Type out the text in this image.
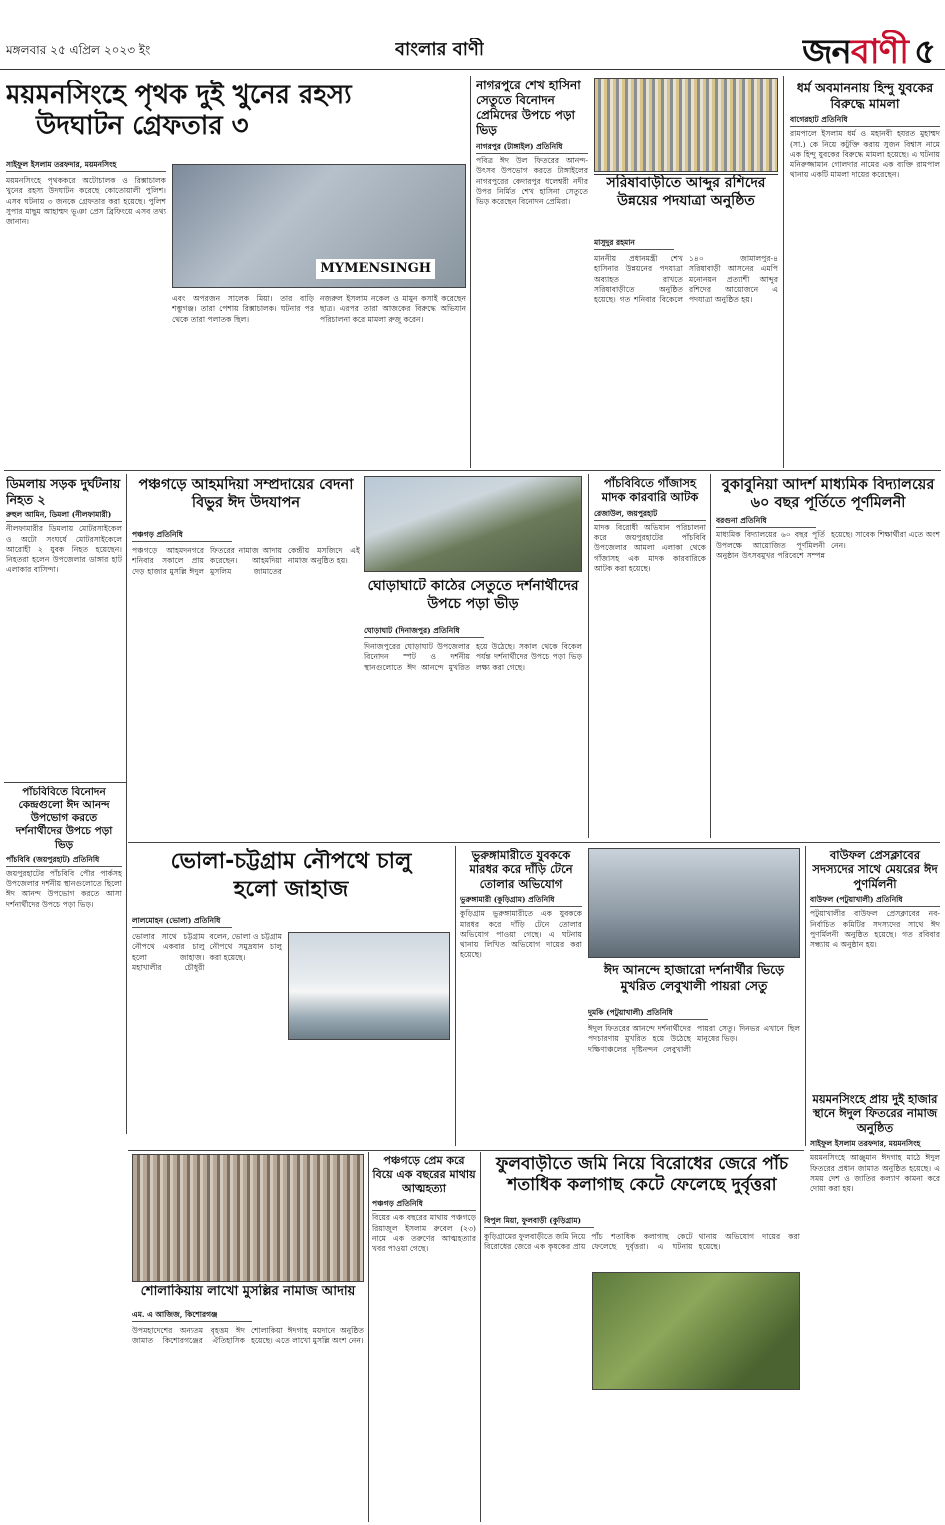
মঙ্গলবার ২৫ এপ্রিল ২০২৩ ইং	বাংলার বাণী	জনবাণী ৫
ময়মনসিংহে পৃথক দুই খুনের রহস্য
উদঘাটন গ্রেফতার ৩
সাইফুল ইসলাম তরফদার, ময়মনসিংহ
ময়মনসিংহে পৃথককরে অটোচালক ও রিক্সাচালক খুনের রহস্য উদঘাটন করেছে কোতোয়ালী পুলিশ। এসব ঘটনায় ৩ জনকে গ্রেফতার করা হয়েছে। পুলিশ সুপার মাছুম আহাম্মদ ভূঞা প্রেস ব্রিফিংয়ে এসব তথ্য জানান।
MYMENSINGH
এবং অপরজন সালেক মিয়া। তার বাড়ি শম্ভুগঞ্জ। তারা পেশায় রিক্সাচালক। ঘটনার পর থেকে তারা পলাতক ছিল।
নজরুল ইসলাম নকেল ও মামুন কসাই করেছেন ছাত্র। এরপর তারা আজকের বিরুদ্ধে অভিযান পরিচালনা করে মামলা রুজু করেন।
নাগরপুরে শেখ হাসিনা সেতুতে বিনোদন প্রেমিদের উপচে পড়া ভিড়
নাগরপুর (টাঙ্গাইল) প্রতিনিধি
পবিত্র ঈদ উল ফিতরের আনন্দ-উৎসব উপভোগ করতে টাঙ্গাইলের নাগরপুরের কেদারপুর ধলেশ্বরী নদীর উপর নির্মিত শেখ হাসিনা সেতুতে ভিড় করেছেন বিনোদন প্রেমিরা।
সরিষাবাড়ীতে আব্দুর রশিদের উন্নয়ের পদযাত্রা অনুষ্ঠিত
মাসুদুর রহমান
মাননীয় প্রধানমন্ত্রী শেখ হাসিনার উন্নয়নের পদযাত্রা অব্যাহত রাখতে সরিষাবাড়ীতে অনুষ্ঠিত হয়েছে। গত শনিবার বিকেলে ১৪০ জামালপুর-৪ সরিষাবাড়ী আসনের এমপি মনোনয়ন প্রত্যাশী আব্দুর রশিদের আয়োজনে এ পদযাত্রা অনুষ্ঠিত হয়।
ধর্ম অবমাননায় হিন্দু যুবকের বিরুদ্ধে মামলা
বাগেরহাট প্রতিনিধি
রামপালে ইসলাম ধর্ম ও মহানবী হযরত মুহাম্মদ (সা.) কে নিয়ে কটুক্তি করায় সুজন বিশ্বাস নামে এক হিন্দু যুবকের বিরুদ্ধে মামলা হয়েছে। এ ঘটনায় মনিরুজ্জামান গোলদার নামের এক ব্যক্তি রামপাল থানায় একটি মামলা দায়ের করেছেন।
ডিমলায় সড়ক দুর্ঘটনায় নিহত ২
রুহুল আমিন, ডিমলা (নীলফামারী)
নীলফামারীর ডিমলায় মোটরসাইকেল ও অটো সংঘর্ষে মোটরসাইকেলে আরোহী ২ যুবক নিহত হয়েছেন। নিহতরা হলেন উপজেলার ডাঙ্গার হাট এলাকার বাসিন্দা।
পঞ্চগড়ে আহমদিয়া সম্প্রদায়ের বেদনা বিভুর ঈদ উদযাপন
পঞ্চগড় প্রতিনিধি
পঞ্চগড়ে আহমদনগরে শনিবার সকালে প্রায় দেড় হাজার মুসল্লি ঈদুল ফিতরের নামাজ আদায় করেছেন। আহমদিয়া মুসলিম জামাতের কেন্দ্রীয় মসজিদে এই নামাজ অনুষ্ঠিত হয়।
ঘোড়াঘাটে কাঠের সেতুতে দর্শনার্থীদের উপচে পড়া ভীড়
ঘোড়াঘাট (দিনাজপুর) প্রতিনিধি
দিনাজপুরের ঘোড়াঘাট উপজেলার বিনোদন স্পট ও দর্শনীয় স্থানগুলোতে ঈদ আনন্দে মুখরিত হয়ে উঠেছে। সকাল থেকে বিকেল পর্যন্ত দর্শনার্থীদের উপচে পড়া ভিড় লক্ষ্য করা গেছে।
পাঁচবিবিতে গাঁজাসহ মাদক কারবারি আটক
রেজাউল, জয়পুরহাট
মাদক বিরোধী অভিযান পরিচালনা করে জয়পুরহাটের পাঁচবিবি উপজেলার আমলা এলাকা থেকে গাঁজাসহ এক মাদক কারবারিকে আটক করা হয়েছে।
বুকাবুনিয়া আদর্শ মাধ্যমিক বিদ্যালয়ের ৬০ বছর পূর্তিতে পূর্ণমিলনী
বরগুনা প্রতিনিধি
মাধ্যমিক বিদ্যালয়ের ৬০ বছর পূর্তি উপলক্ষে আয়োজিত পূর্ণমিলনী অনুষ্ঠান উৎসবমুখর পরিবেশে সম্পন্ন হয়েছে। সাবেক শিক্ষার্থীরা এতে অংশ নেন।
পাঁচবিবিতে বিনোদন কেন্দ্রগুলো ঈদ আনন্দ উপভোগ করতে দর্শনার্থীদের উপচে পড়া ভিড়
পাঁচবিবি (জয়পুরহাট) প্রতিনিধি
জয়পুরহাটের পাঁচবিবি পৌর পার্কসহ উপজেলার দর্শনীয় স্থানগুলোতে ছিলো ঈদ আনন্দ উপভোগ করতে আসা দর্শনার্থীদের উপচে পড়া ভিড়।
ভোলা-চট্টগ্রাম নৌপথে চালু
হলো জাহাজ
লালমোহন (ভোলা) প্রতিনিধি
ভোলার সাথে চট্টগ্রাম নৌপথে একবার চালু হলো জাহাজ। মহাখালীর চৌধুরী বলেন, ভোলা ও চট্টগ্রাম নৌপথে সমুদ্রযান চালু করা হয়েছে।
ভুরুঙ্গামারীতে যুবককে মারধর করে দাঁড়ি টেনে তোলার অভিযোগ
ভুরুঙ্গামারী (কুড়িগ্রাম) প্রতিনিধি
কুড়িগ্রাম ভুরুঙ্গামারীতে এক যুবককে মারধর করে দাঁড়ি টেনে তোলার অভিযোগ পাওয়া গেছে। এ ঘটনায় থানায় লিখিত অভিযোগ দায়ের করা হয়েছে।
ঈদ আনন্দে হাজারো দর্শনার্থীর ভিড়ে মুখরিত লেবুখালী পায়রা সেতু
দুমকি (পটুয়াখালী) প্রতিনিধি
ঈদুল ফিতরের আনন্দে দর্শনার্থীদের পদচারণায় মুখরিত হয়ে উঠেছে দক্ষিণাঞ্চলের দৃষ্টিনন্দন লেবুখালী পায়রা সেতু। দিনভর এখানে ছিল মানুষের ভিড়।
বাউফল প্রেসক্লাবের সদস্যদের সাথে মেয়রের ঈদ পুণর্মিলনী
বাউফল (পটুয়াখালী) প্রতিনিধি
পটুয়াখালীর বাউফল প্রেসক্লাবের নব-নির্বাচিত কমিটির সদস্যদের সাথে ঈদ পুণর্মিলনী অনুষ্ঠিত হয়েছে। গত রবিবার সন্ধ্যায় এ অনুষ্ঠান হয়।
ময়মনসিংহে প্রায় দুই হাজার স্থানে ঈদুল ফিতরের নামাজ অনুষ্ঠিত
সাইফুল ইসলাম তরফদার, ময়মনসিংহ
ময়মনসিংহে আঞ্জুমান ঈদগাহ মাঠে ঈদুল ফিতরের প্রধান জামাত অনুষ্ঠিত হয়েছে। এ সময় দেশ ও জাতির কল্যাণ কামনা করে দোয়া করা হয়।
শোলাকিয়ায় লাখো মুসল্লির নামাজ আদায়
এম. এ আজিজ, কিশোরগঞ্জ
উপমহাদেশের অন্যতম বৃহত্তম ঈদ জামাত কিশোরগঞ্জের ঐতিহাসিক শোলাকিয়া ঈদগাহ ময়দানে অনুষ্ঠিত হয়েছে। এতে লাখো মুসল্লি অংশ নেন।
পঞ্চগড়ে প্রেম করে বিয়ে এক বছরের মাথায় আত্মহত্যা
পঞ্চগড় প্রতিনিধি
বিয়ের এক বছরের মাথায় পঞ্চগড়ে রিয়াজুল ইসলাম রুবেল (২৩) নামে এক তরুণের আত্মহত্যার খবর পাওয়া গেছে।
ফুলবাড়ীতে জমি নিয়ে বিরোধের জেরে পাঁচ
শতাধিক কলাগাছ কেটে ফেলেছে দুর্বৃত্তরা
বিপুল মিয়া, ফুলবাড়ী (কুড়িগ্রাম)
কুড়িগ্রামের ফুলবাড়ীতে জমি নিয়ে বিরোধের জেরে এক কৃষকের প্রায় পাঁচ শতাধিক কলাগাছ কেটে ফেলেছে দুর্বৃত্তরা। এ ঘটনায় থানায় অভিযোগ দায়ের করা হয়েছে।
